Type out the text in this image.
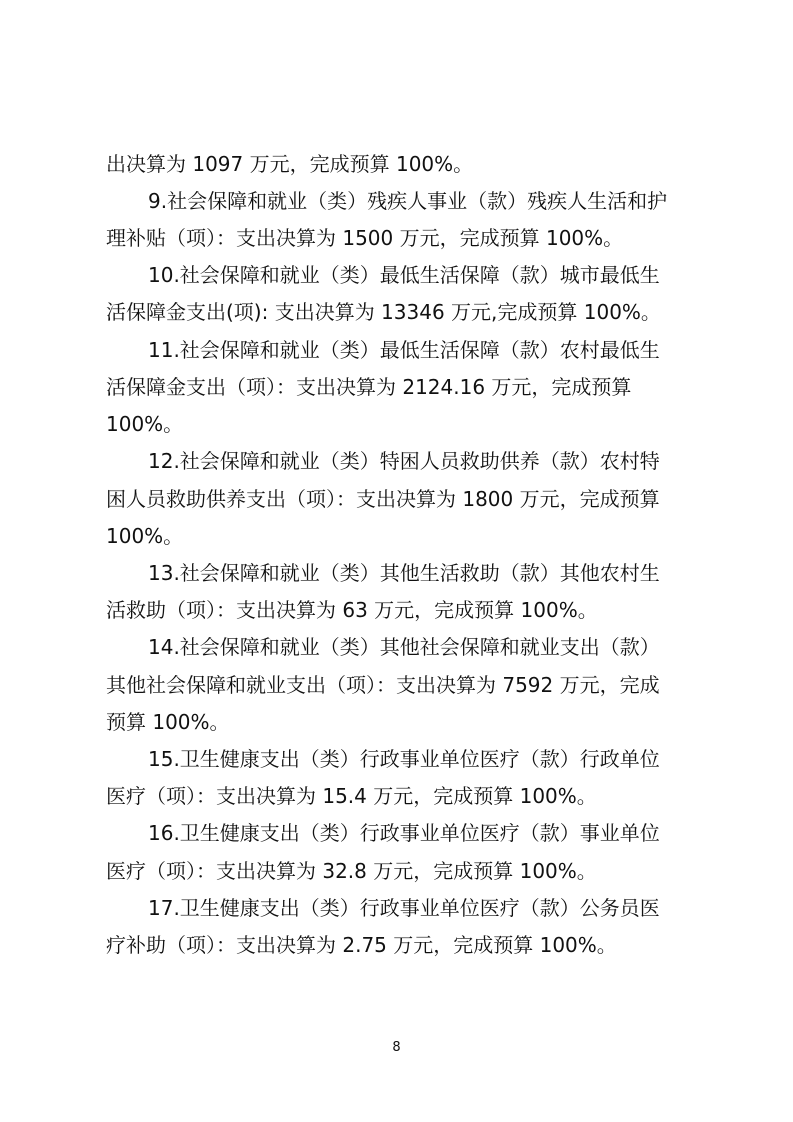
出决算为 1097 万元，完成预算 100%。
9.社会保障和就业（类）残疾人事业（款）残疾人生活和护
理补贴（项）：支出决算为 1500 万元，完成预算 100%。
10.社会保障和就业（类）最低生活保障（款）城市最低生
活保障金支出(项): 支出决算为 13346 万元,完成预算 100%。
11.社会保障和就业（类）最低生活保障（款）农村最低生
活保障金支出（项）：支出决算为 2124.16 万元，完成预算
100%。
12.社会保障和就业（类）特困人员救助供养（款）农村特
困人员救助供养支出（项）：支出决算为 1800 万元，完成预算
100%。
13.社会保障和就业（类）其他生活救助（款）其他农村生
活救助（项）：支出决算为 63 万元，完成预算 100%。
14.社会保障和就业（类）其他社会保障和就业支出（款）
其他社会保障和就业支出（项）：支出决算为 7592 万元，完成
预算 100%。
15.卫生健康支出（类）行政事业单位医疗（款）行政单位
医疗（项）：支出决算为 15.4 万元，完成预算 100%。
16.卫生健康支出（类）行政事业单位医疗（款）事业单位
医疗（项）：支出决算为 32.8 万元，完成预算 100%。
17.卫生健康支出（类）行政事业单位医疗（款）公务员医
疗补助（项）：支出决算为 2.75 万元，完成预算 100%。
8
